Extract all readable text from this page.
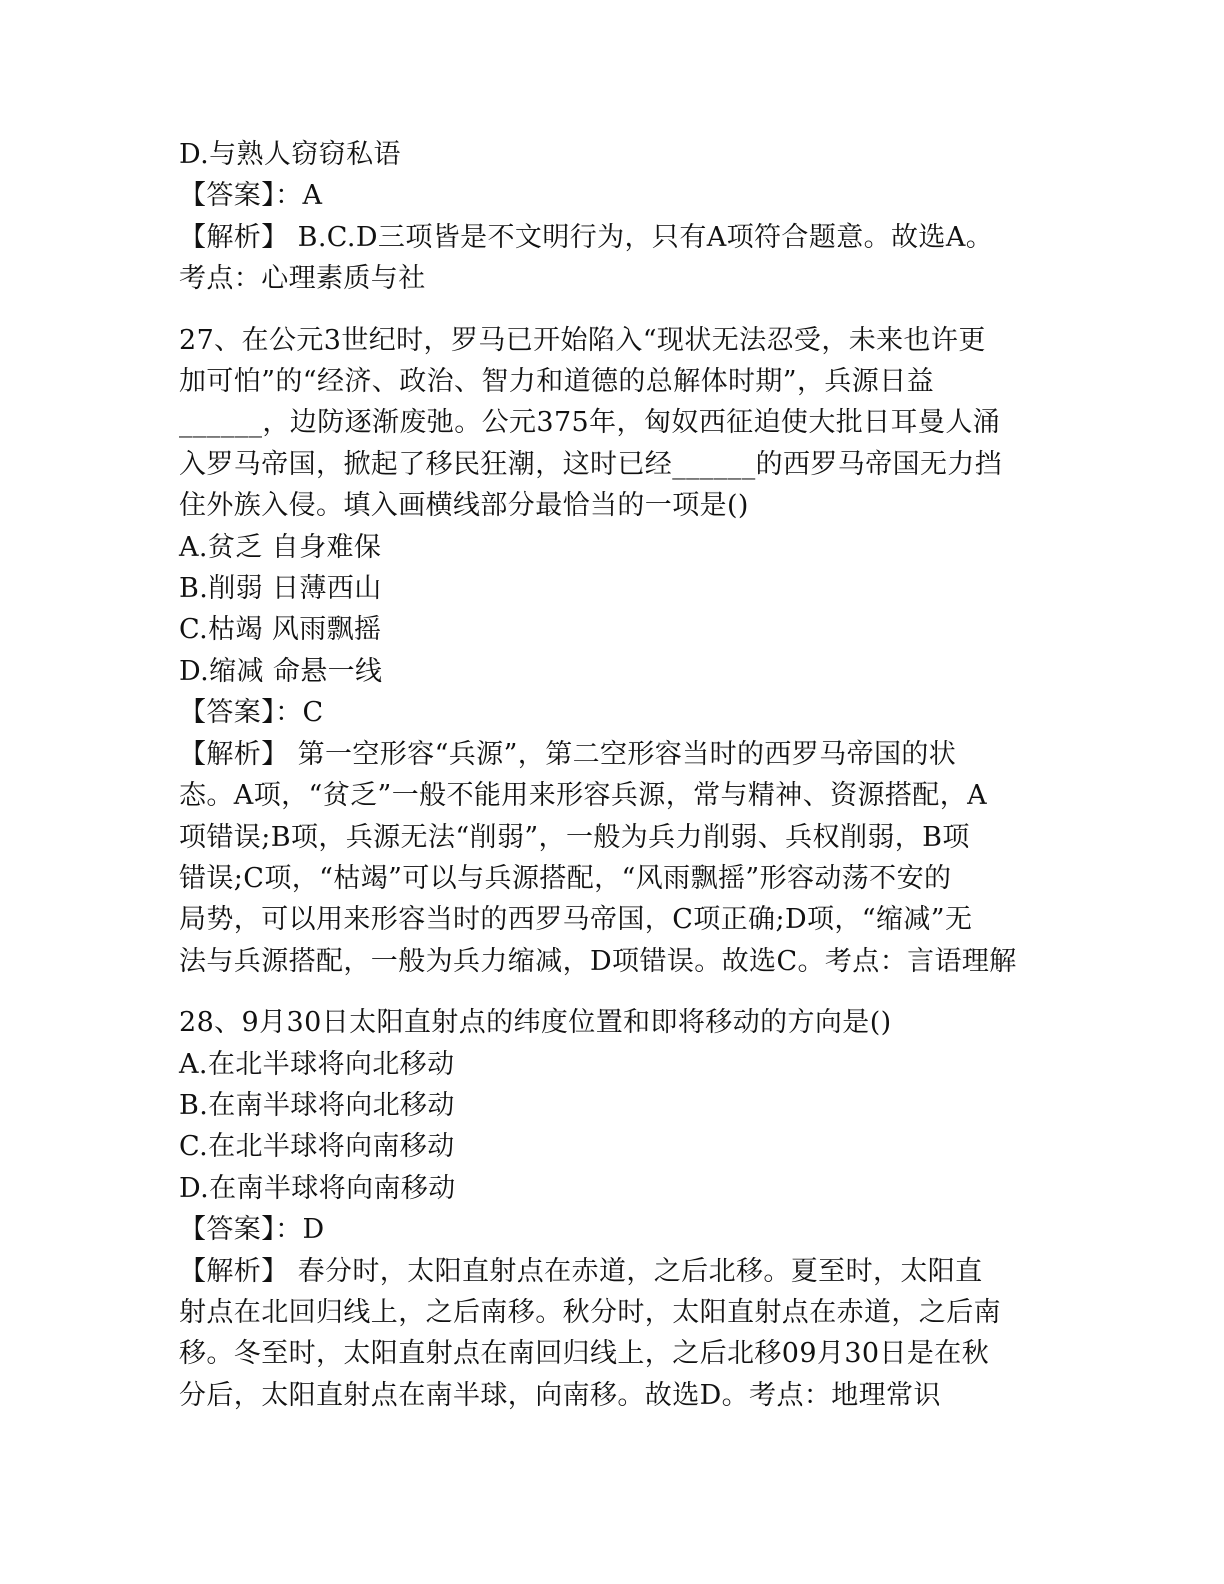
D.与熟人窃窃私语
【答案】：A
【解析】 B.C.D三项皆是不文明行为，只有A项符合题意。故选A。
考点：心理素质与社
27、在公元3世纪时，罗马已开始陷入“现状无法忍受，未来也许更
加可怕”的“经济、政治、智力和道德的总解体时期”，兵源日益
______，边防逐渐废弛。公元375年，匈奴西征迫使大批日耳曼人涌
入罗马帝国，掀起了移民狂潮，这时已经______的西罗马帝国无力挡
住外族入侵。填入画横线部分最恰当的一项是()
A.贫乏 自身难保
B.削弱 日薄西山
C.枯竭 风雨飘摇
D.缩减 命悬一线
【答案】：C
【解析】 第一空形容“兵源”，第二空形容当时的西罗马帝国的状
态。A项，“贫乏”一般不能用来形容兵源，常与精神、资源搭配，A
项错误;B项，兵源无法“削弱”，一般为兵力削弱、兵权削弱，B项
错误;C项，“枯竭”可以与兵源搭配，“风雨飘摇”形容动荡不安的
局势，可以用来形容当时的西罗马帝国，C项正确;D项，“缩减”无
法与兵源搭配，一般为兵力缩减，D项错误。故选C。考点：言语理解
28、9月30日太阳直射点的纬度位置和即将移动的方向是()
A.在北半球将向北移动
B.在南半球将向北移动
C.在北半球将向南移动
D.在南半球将向南移动
【答案】：D
【解析】 春分时，太阳直射点在赤道，之后北移。夏至时，太阳直
射点在北回归线上，之后南移。秋分时，太阳直射点在赤道，之后南
移。冬至时，太阳直射点在南回归线上，之后北移09月30日是在秋
分后，太阳直射点在南半球，向南移。故选D。考点：地理常识
